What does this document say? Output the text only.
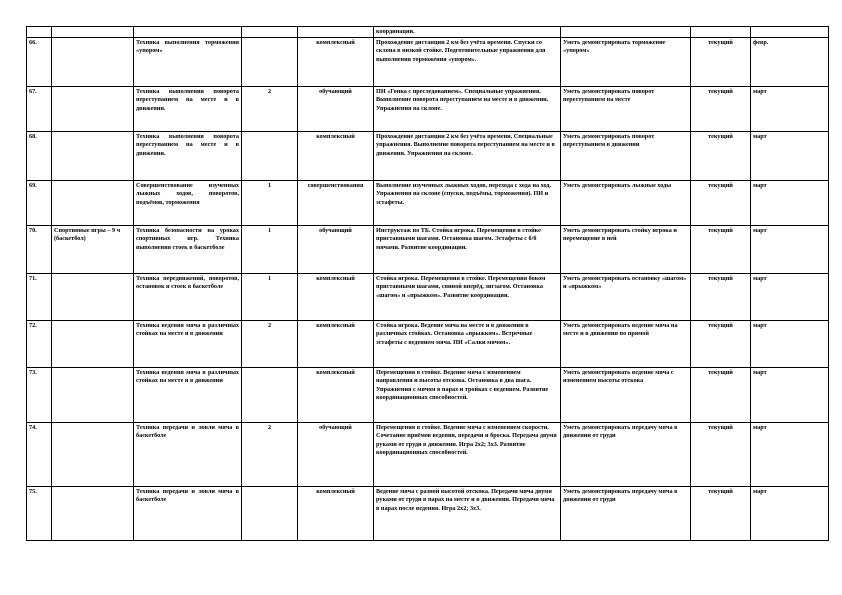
					координации.			
66.		Техника выполнения торможения «упором»		комплексный	Прохождение дистанции 2 км без учёта времени. Спуски со склона в низкой стойке. Подготовительные упражнения для выполнения торможения «упором».	Уметь демонстрировать торможение «упором»	текущий	февр.
67.		Техника выполнения поворота переступанием на месте и в движении.	2	обучающий	ПИ «Гонка с преследованием». Специальные упражнения. Выполнение поворота переступанием на месте и в движении. Упражнения на склоне.	Уметь демонстрировать поворот переступанием на месте	текущий	март
68.		Техника выполнения поворота переступанием на месте и в движении.		комплексный	Прохождение дистанции 2 км без учёта времени. Специальные упражнения. Выполнение поворота переступанием на месте и в движении. Упражнения на склоне.	Уметь демонстрировать поворот переступанием в движении	текущий	март
69.		Совершенствование изученных лыжных ходов, поворотов, подъёмов, торможения	1	совершенствования	Выполнение изученных лыжных ходов, перехода с хода на ход. Упражнения на склоне (спуски, подъёмы, торможения). ПИ и эстафеты.	Уметь демонстрировать лыжные ходы	текущий	март
70.	Спортивные игры – 9 ч (баскетбол)	Техника безопасности на уроках спортивных игр. Техника выполнения стоек в баскетболе	1	обучающий	Инструктаж по ТБ. Стойка игрока. Перемещения в стойке приставными шагами. Остановка шагом. Эстафеты с б/б мячами. Развитие координации.	Уметь демонстрировать стойку игрока и перемещение в ней	текущий	март
71.		Техника передвижений, поворотов, остановок и стоек в баскетболе	1	комплексный	Стойка игрока. Перемещения в стойке. Перемещения боком приставными шагами, спиной вперёд, зигзагом. Остановка «шагом» и «прыжком». Развитие координации.	Уметь демонстрировать остановку «шагом» и «прыжком»	текущий	март
72.		Техника ведения мяча в различных стойках на месте и в движении	2	комплексный	Стойка игрока. Ведение мяча на месте и в движении в различных стойках. Остановка «прыжком». Встречные эстафеты с ведением мяча. ПИ «Салки мячом».	Уметь демонстрировать ведение мяча на месте и в движении по прямой	текущий	март
73.		Техника ведения мяча в различных стойках на месте и в движении		комплексный	Перемещения в стойке. Ведение мяча с изменением направления и высоты отскока. Остановка в два шага. Упражнения с мячом в парах и тройках с ведением. Развитие координационных способностей.	Уметь демонстрировать ведение мяча с изменением высоты отскока	текущий	март
74.		Техника передачи и ловли мяча в баскетболе	2	обучающий	Перемещения в стойке. Ведение мяча с изменением скорости. Сочетание приёмов ведения, передачи и броска. Передача двумя руками от груди в движении. Игра 2х2; 3х3. Развитие координационных способностей.	Уметь демонстрировать передачу мяча в движении от груди	текущий	март
75.		Техника передачи и ловли мяча в баскетболе		комплексный	Ведение мяча с разной высотой отскока. Передачи мяча двумя руками от груди в парах на месте и в движении. Передачи мяча в парах после ведения. Игра 2х2; 3х3.	Уметь демонстрировать передачу мяча в движении от груди	текущий	март
